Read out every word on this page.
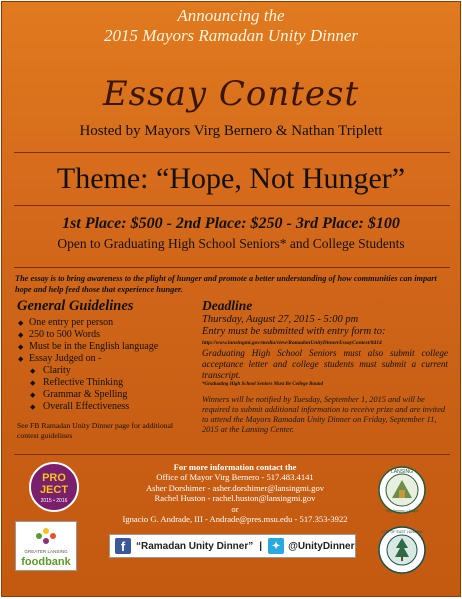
Announcing the
2015 Mayors Ramadan Unity Dinner
Essay Contest
Hosted by Mayors Virg Bernero & Nathan Triplett
Theme: “Hope, Not Hunger”
1st Place: $500 - 2nd Place: $250 - 3rd Place: $100
Open to Graduating High School Seniors* and College Students
The essay is to bring awareness to the plight of hunger and promote a better understanding of how communities can impart hope and help feed those that experience hunger.
General Guidelines
◆ One entry per person
◆ 250 to 500 Words
◆ Must be in the English language
◆ Essay Judged on -
◆ Clarity
◆ Reflective Thinking
◆ Grammar & Spelling
◆ Overall Effectiveness
See FB Ramadan Unity Dinner page for additional contest guidelines
Deadline
Thursday, August 27, 2015 - 5:00 pm
Entry must be submitted with entry form to:
http://www.lansingmi.gov/media/view/RamadanUnityDinnerEssayContest/8414
Graduating High School Seniors must also submit college acceptance letter and college students must submit a current transcript.
*Graduating High School Seniors Must Be College Bound
Winners will be notified by Tuesday, September 1, 2015 and will be required to submit additional information to receive prize and are invited to attend the Mayors Ramadan Unity Dinner on Friday, September 11, 2015 at the Lansing Center.
PRO
JECT
2015 • 2016
GREATER LANSING
foodbank
For more information contact the
Office of Mayor Virg Bernero - 517.483.4141
Asher Dorshimer - asher.dorshimer@lansingmi.gov
Rachel Huston - rachel.huston@lansingmi.gov
or
Ignacio G. Andrade, III - Andrade@pres.msu.edu - 517.353-3922
f	“Ramadan Unity Dinner” | ✦ @UnityDinner
LANSING
Virg Bernero • Mayor
CITY OF EAST LANSING
